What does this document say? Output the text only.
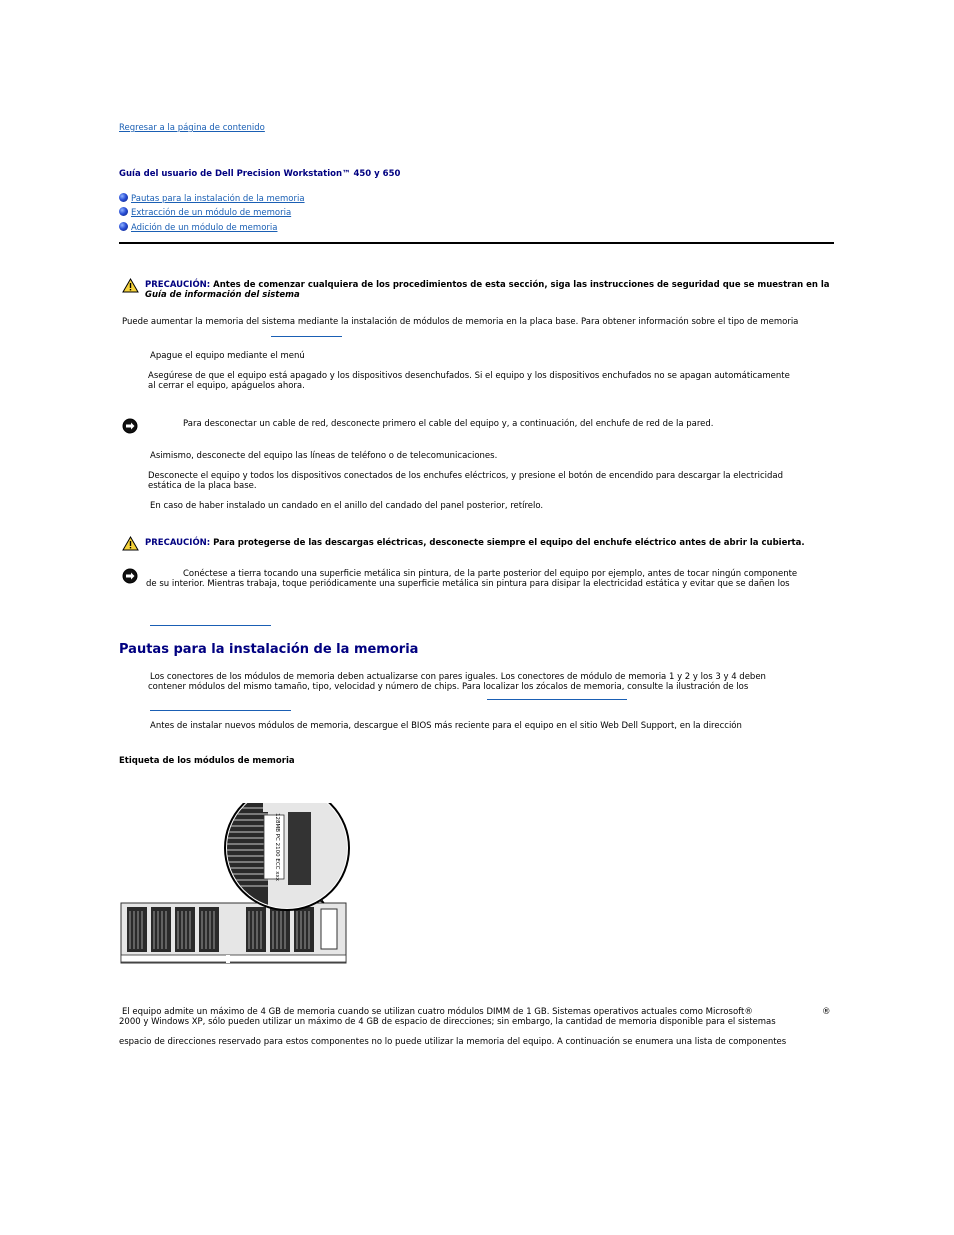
Regresar a la página de contenido
Guía del usuario de Dell Precision Workstation™ 450 y 650
Pautas para la instalación de la memoria
Extracción de un módulo de memoria
Adición de un módulo de memoria
PRECAUCIÓN: Antes de comenzar cualquiera de los procedimientos de esta sección, siga las instrucciones de seguridad que se muestran en la
Guía de información del sistema
Puede aumentar la memoria del sistema mediante la instalación de módulos de memoria en la placa base. Para obtener información sobre el tipo de memoria
Apague el equipo mediante el menú
Asegúrese de que el equipo está apagado y los dispositivos desenchufados. Si el equipo y los dispositivos enchufados no se apagan automáticamente
al cerrar el equipo, apáguelos ahora.
Para desconectar un cable de red, desconecte primero el cable del equipo y, a continuación, del enchufe de red de la pared.
Asimismo, desconecte del equipo las líneas de teléfono o de telecomunicaciones.
Desconecte el equipo y todos los dispositivos conectados de los enchufes eléctricos, y presione el botón de encendido para descargar la electricidad
estática de la placa base.
En caso de haber instalado un candado en el anillo del candado del panel posterior, retírelo.
PRECAUCIÓN: Para protegerse de las descargas eléctricas, desconecte siempre el equipo del enchufe eléctrico antes de abrir la cubierta.
Conéctese a tierra tocando una superficie metálica sin pintura, de la parte posterior del equipo por ejemplo, antes de tocar ningún componente
de su interior. Mientras trabaja, toque periódicamente una superficie metálica sin pintura para disipar la electricidad estática y evitar que se dañen los
Pautas para la instalación de la memoria
Los conectores de los módulos de memoria deben actualizarse con pares iguales. Los conectores de módulo de memoria 1 y 2 y los 3 y 4 deben
contener módulos del mismo tamaño, tipo, velocidad y número de chips. Para localizar los zócalos de memoria, consulte la ilustración de los
Antes de instalar nuevos módulos de memoria, descargue el BIOS más reciente para el equipo en el sitio Web Dell Support, en la dirección
Etiqueta de los módulos de memoria
128MB PC 2100 ECC xxx
El equipo admite un máximo de 4 GB de memoria cuando se utilizan cuatro módulos DIMM de 1 GB. Sistemas operativos actuales como Microsoft®	®
2000 y Windows XP, sólo pueden utilizar un máximo de 4 GB de espacio de direcciones; sin embargo, la cantidad de memoria disponible para el sistemas
espacio de direcciones reservado para estos componentes no lo puede utilizar la memoria del equipo. A continuación se enumera una lista de componentes
